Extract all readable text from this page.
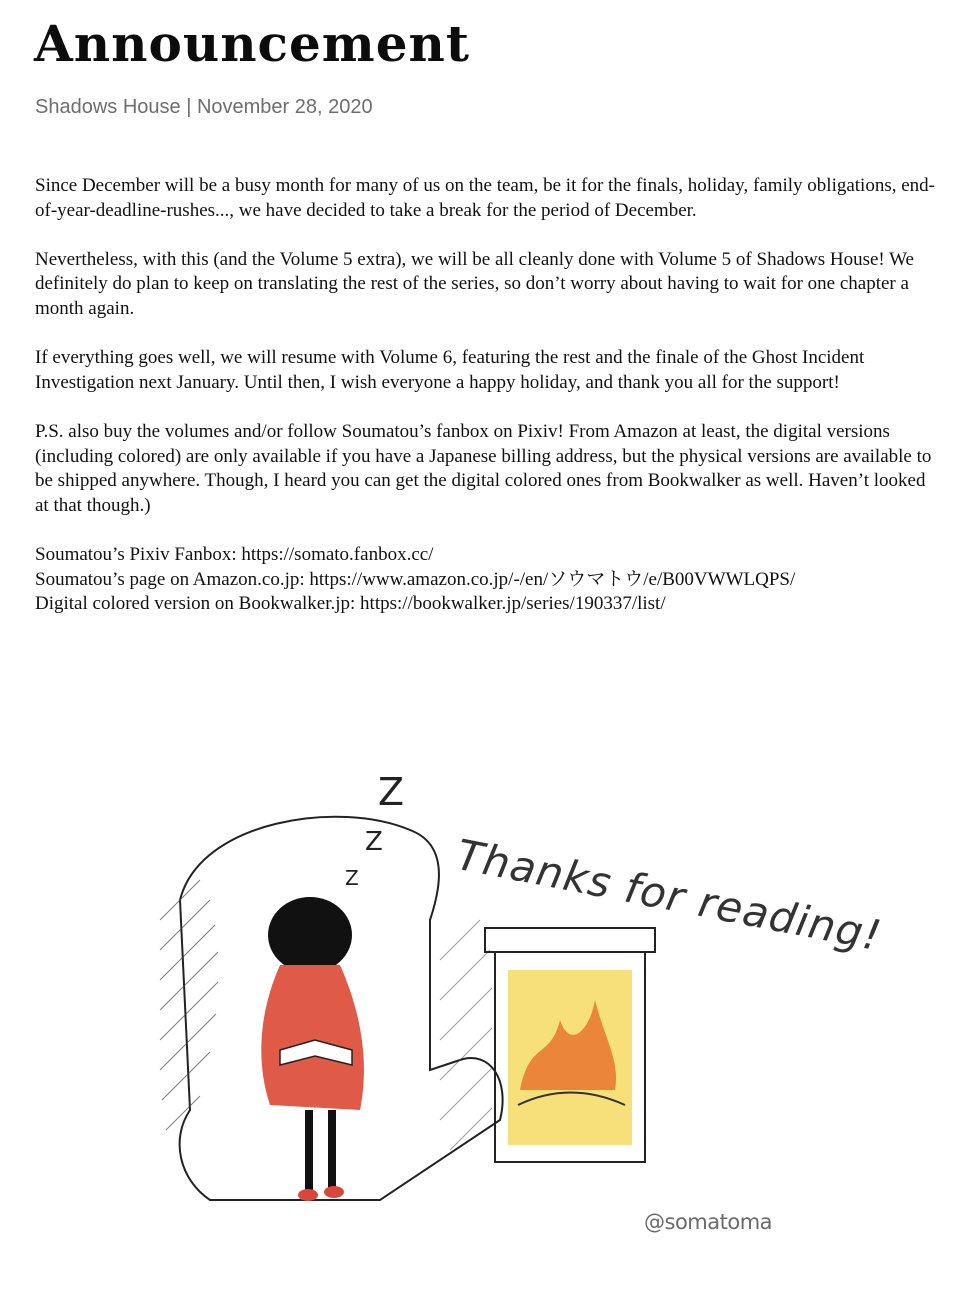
Announcement
Shadows House | November 28, 2020

Since December will be a busy month for many of us on the team, be it for the finals, holiday, family obligations, end-of-year-deadline-rushes..., we have decided to take a break for the period of December.

Nevertheless, with this (and the Volume 5 extra), we will be all cleanly done with Volume 5 of Shadows House! We definitely do plan to keep on translating the rest of the series, so don’t worry about having to wait for one chapter a month again.

If everything goes well, we will resume with Volume 6, featuring the rest and the finale of the Ghost Incident Investigation next January. Until then, I wish everyone a happy holiday, and thank you all for the support!

P.S. also buy the volumes and/or follow Soumatou’s fanbox on Pixiv! From Amazon at least, the digital versions (including colored) are only available if you have a Japanese billing address, but the physical versions are available to be shipped anywhere. Though, I heard you can get the digital colored ones from Bookwalker as well. Haven’t looked at that though.)

Soumatou’s Pixiv Fanbox: https://somato.fanbox.cc/
Soumatou’s page on Amazon.co.jp: https://www.amazon.co.jp/-/en/ソウマトウ/e/B00VWWLQPS/
Digital colored version on Bookwalker.jp: https://bookwalker.jp/series/190337/list/
Z
Z
Z Thanks for reading!
@somatoma
